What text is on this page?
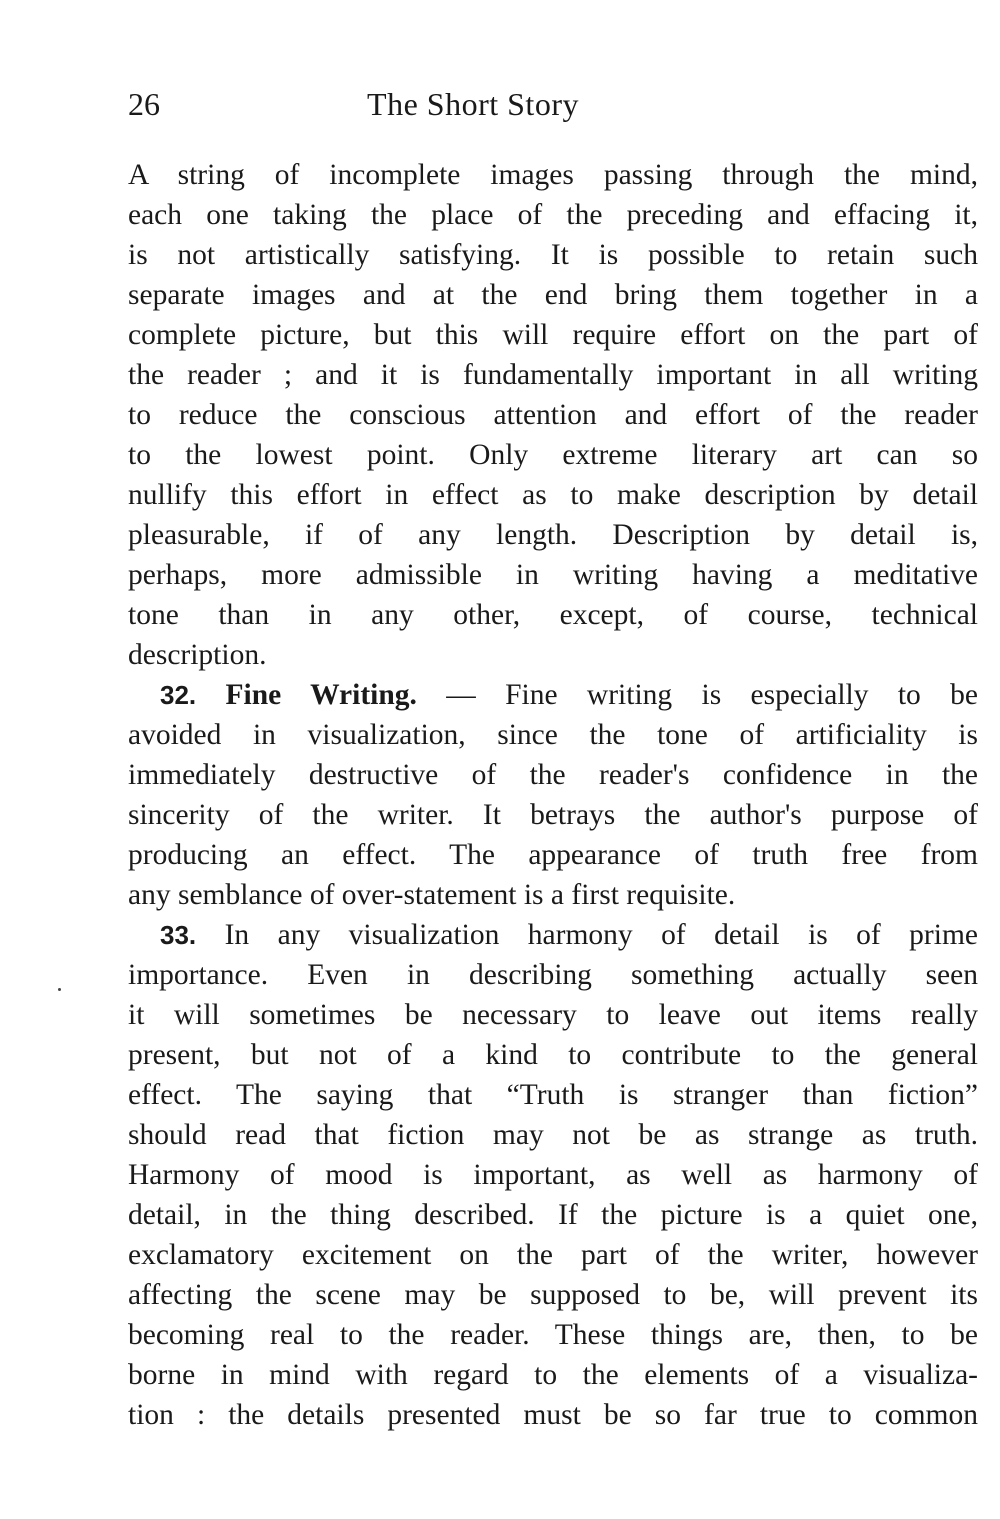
26	The Short Story
A string of incomplete images passing through the mind,
each one taking the place of the preceding and effacing it,
is not artistically satisfying. It is possible to retain such
separate images and at the end bring them together in a
complete picture, but this will require effort on the part of
the reader ; and it is fundamentally important in all writing
to reduce the conscious attention and effort of the reader
to the lowest point. Only extreme literary art can so
nullify this effort in effect as to make description by detail
pleasurable, if of any length. Description by detail is,
perhaps, more admissible in writing having a meditative
tone than in any other, except, of course, technical
description.
32. Fine Writing. — Fine writing is especially to be
avoided in visualization, since the tone of artificiality is
immediately destructive of the reader's confidence in the
sincerity of the writer. It betrays the author's purpose of
producing an effect. The appearance of truth free from
any semblance of over-statement is a first requisite.
33. In any visualization harmony of detail is of prime
importance. Even in describing something actually seen
it will sometimes be necessary to leave out items really
present, but not of a kind to contribute to the general
effect. The saying that “Truth is stranger than fiction”
should read that fiction may not be as strange as truth.
Harmony of mood is important, as well as harmony of
detail, in the thing described. If the picture is a quiet one,
exclamatory excitement on the part of the writer, however
affecting the scene may be supposed to be, will prevent its
becoming real to the reader. These things are, then, to be
borne in mind with regard to the elements of a visualiza-
tion : the details presented must be so far true to common
